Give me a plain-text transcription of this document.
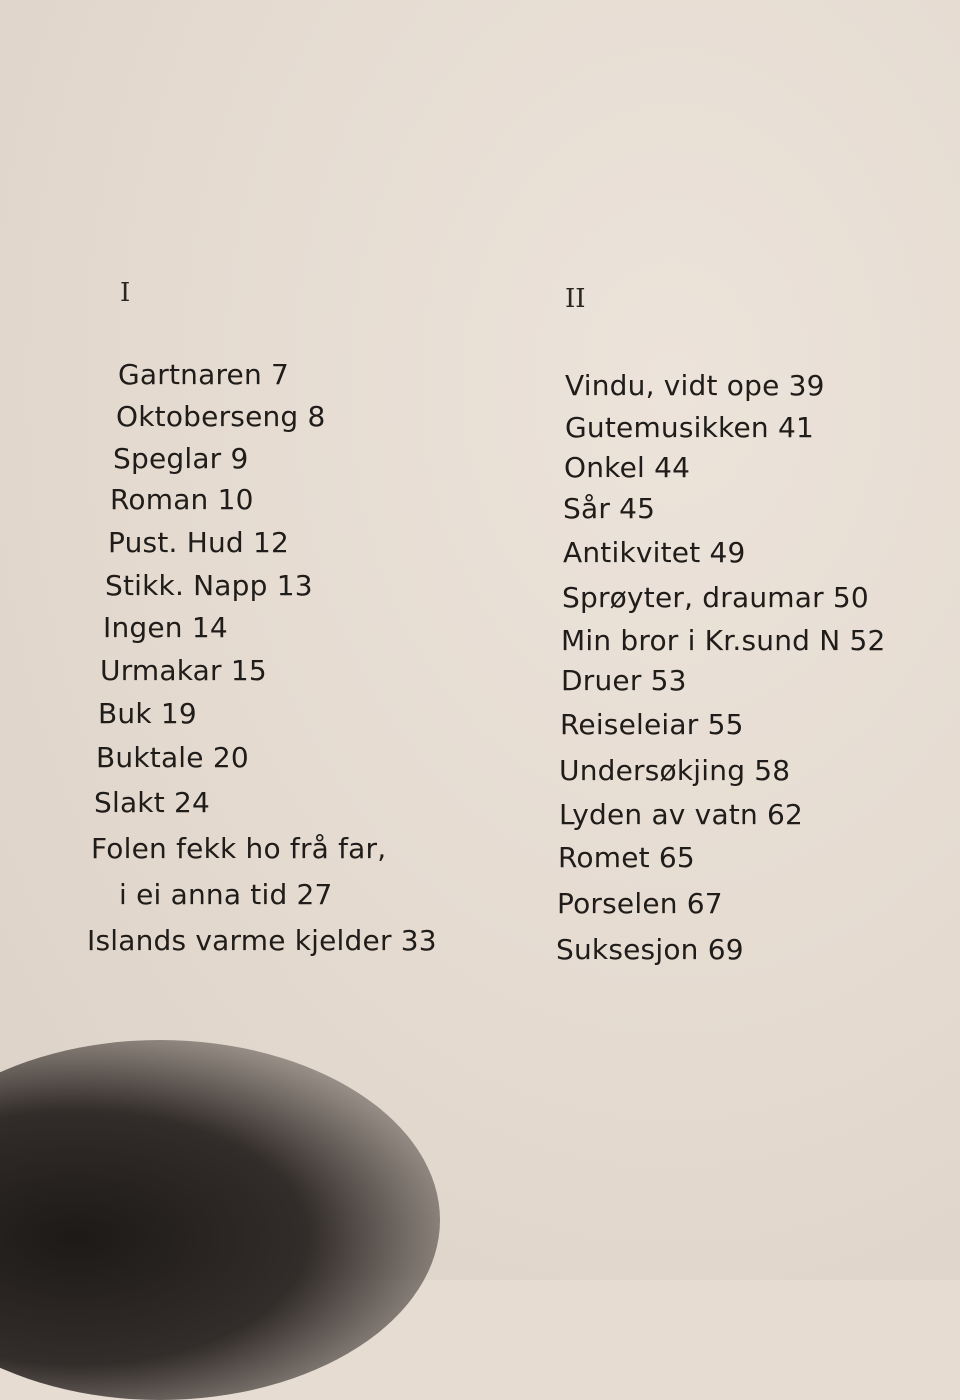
I
Gartnaren 7
Oktoberseng 8
Speglar 9
Roman 10
Pust. Hud 12
Stikk. Napp 13
Ingen 14
Urmakar 15
Buk 19
Buktale 20
Slakt 24
Folen fekk ho frå far,
i ei anna tid 27
Islands varme kjelder 33
II
Vindu, vidt ope 39
Gutemusikken 41
Onkel 44
Sår 45
Antikvitet 49
Sprøyter, draumar 50
Min bror i Kr.sund N 52
Druer 53
Reiseleiar 55
Undersøkjing 58
Lyden av vatn 62
Romet 65
Porselen 67
Suksesjon 69
